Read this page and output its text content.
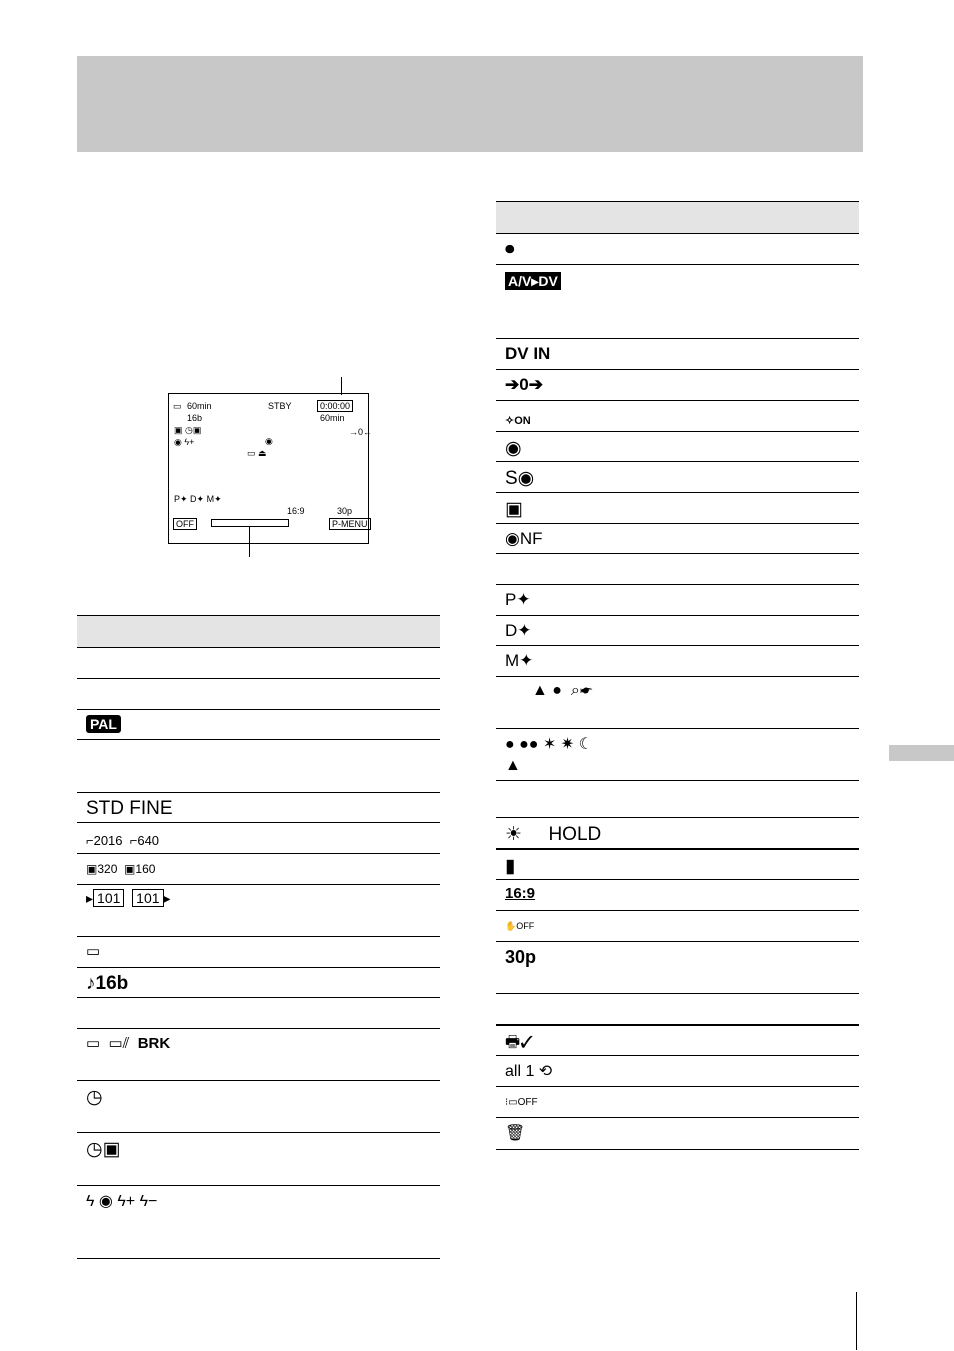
▭ 60min	STBY	0:00:00
60min
16b
▣ ◷▣
◉ ϟ+
→0←
◉
▭ ⏏
P✦ D✦ M✦
16:9	30p
OFF	P-MENU
PAL
STD FINE
⌐2016  ⌐640
▣320  ▣160
▸ 101 101 ▸
▭
♪16b
▭  ▭⫽  BRK
◷
◷▣
ϟ ◉ ϟ+ ϟ−
⏺
A/V▸DV
DV IN
➔0➔
✧ON
◉
S◉
▣
◉NF
P✦
D✦
M✦
▲ ● ⌕☛
● ●● ✶ ✷ ☾
▲
☀     HOLD
▮
16:9
✋OFF
30p
🖶✓
all 1 ⟲
⁝▭OFF
🗑
